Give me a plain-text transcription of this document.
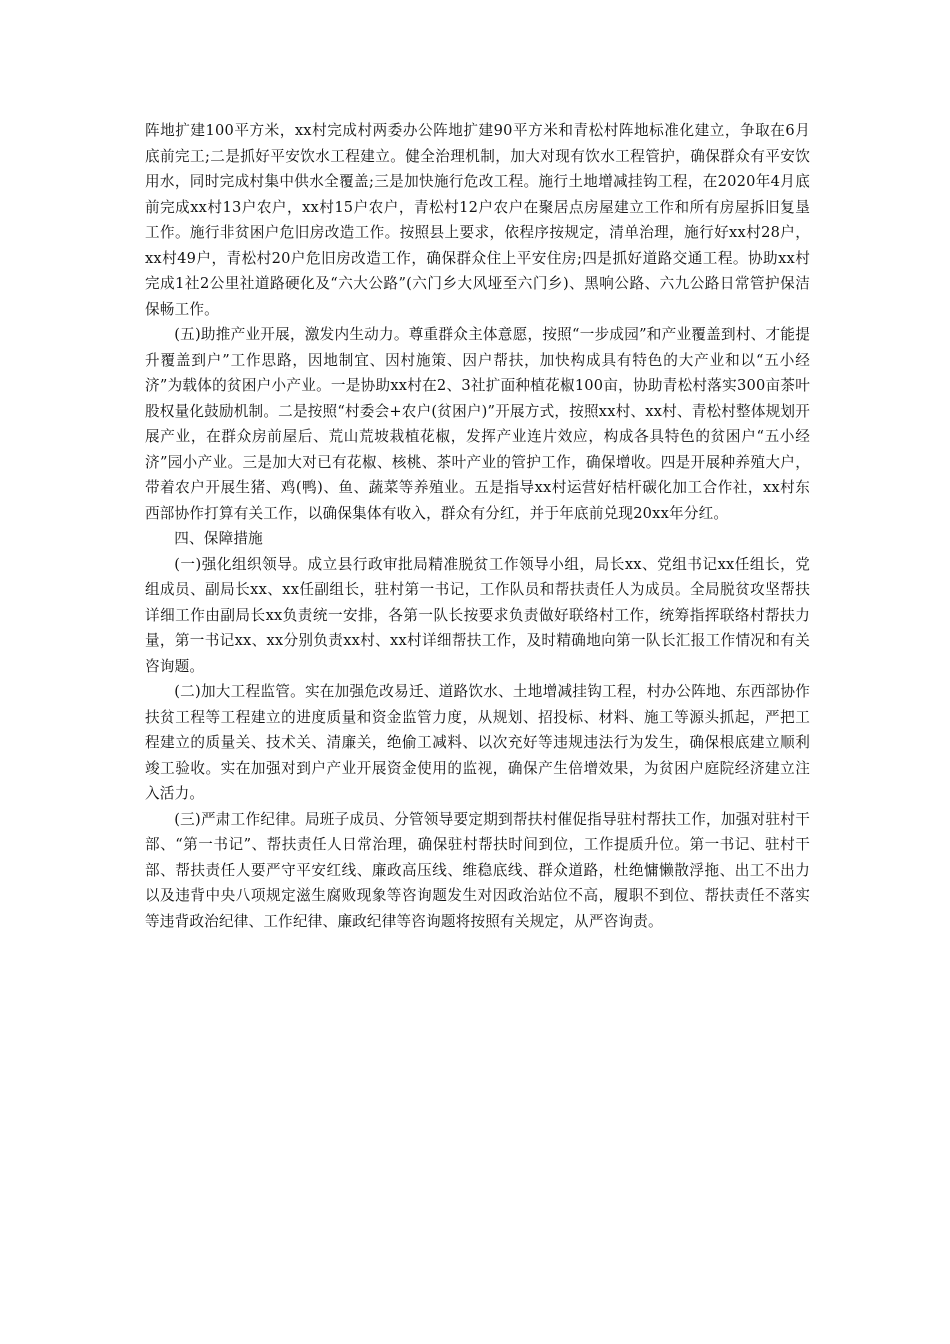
阵地扩建100平方米，xx村完成村两委办公阵地扩建90平方米和青松村阵地标准化建立，争取在6月底前完工;二是抓好平安饮水工程建立。健全治理机制，加大对现有饮水工程管护，确保群众有平安饮用水，同时完成村集中供水全覆盖;三是加快施行危改工程。施行土地增减挂钩工程，在2020年4月底前完成xx村13户农户，xx村15户农户，青松村12户农户在聚居点房屋建立工作和所有房屋拆旧复垦工作。施行非贫困户危旧房改造工作。按照县上要求，依程序按规定，清单治理，施行好xx村28户，xx村49户，青松村20户危旧房改造工作，确保群众住上平安住房;四是抓好道路交通工程。协助xx村完成1社2公里社道路硬化及“六大公路”(六门乡大风垭至六门乡)、黑响公路、六九公路日常管护保洁保畅工作。

(五)助推产业开展，激发内生动力。尊重群众主体意愿，按照“一步成园”和产业覆盖到村、才能提升覆盖到户”工作思路，因地制宜、因村施策、因户帮扶，加快构成具有特色的大产业和以“五小经济”为载体的贫困户小产业。一是协助xx村在2、3社扩面种植花椒100亩，协助青松村落实300亩茶叶股权量化鼓励机制。二是按照“村委会+农户(贫困户)”开展方式，按照xx村、xx村、青松村整体规划开展产业，在群众房前屋后、荒山荒坡栽植花椒，发挥产业连片效应，构成各具特色的贫困户“五小经济”园小产业。三是加大对已有花椒、核桃、茶叶产业的管护工作，确保增收。四是开展种养殖大户，带着农户开展生猪、鸡(鸭)、鱼、蔬菜等养殖业。五是指导xx村运营好桔杆碳化加工合作社，xx村东西部协作打算有关工作，以确保集体有收入，群众有分红，并于年底前兑现20xx年分红。

四、保障措施

(一)强化组织领导。成立县行政审批局精准脱贫工作领导小组，局长xx、党组书记xx任组长，党组成员、副局长xx、xx任副组长，驻村第一书记，工作队员和帮扶责任人为成员。全局脱贫攻坚帮扶详细工作由副局长xx负责统一安排，各第一队长按要求负责做好联络村工作，统筹指挥联络村帮扶力量，第一书记xx、xx分别负责xx村、xx村详细帮扶工作，及时精确地向第一队长汇报工作情况和有关咨询题。

(二)加大工程监管。实在加强危改易迁、道路饮水、土地增减挂钩工程，村办公阵地、东西部协作扶贫工程等工程建立的进度质量和资金监管力度，从规划、招投标、材料、施工等源头抓起，严把工程建立的质量关、技术关、清廉关，绝偷工减料、以次充好等违规违法行为发生，确保根底建立顺利竣工验收。实在加强对到户产业开展资金使用的监视，确保产生倍增效果，为贫困户庭院经济建立注入活力。

(三)严肃工作纪律。局班子成员、分管领导要定期到帮扶村催促指导驻村帮扶工作，加强对驻村干部、“第一书记”、帮扶责任人日常治理，确保驻村帮扶时间到位，工作提质升位。第一书记、驻村干部、帮扶责任人要严守平安红线、廉政高压线、维稳底线、群众道路，杜绝慵懒散浮拖、出工不出力以及违背中央八项规定滋生腐败现象等咨询题发生对因政治站位不高，履职不到位、帮扶责任不落实等违背政治纪律、工作纪律、廉政纪律等咨询题将按照有关规定，从严咨询责。
